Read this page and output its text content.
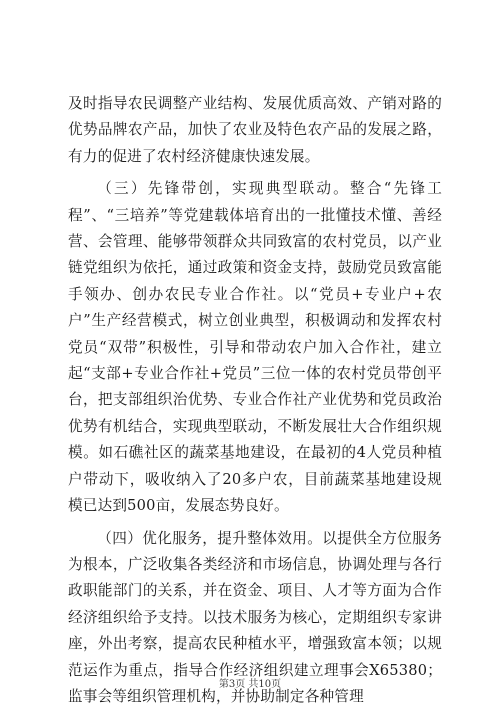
及时指导农民调整产业结构、发展优质高效、产销对路的优势品牌农产品，加快了农业及特色农产品的发展之路，有力的促进了农村经济健康快速发展。

（三）先锋带创，实现典型联动。整合“先锋工程”、“三培养”等党建载体培育出的一批懂技术懂、善经营、会管理、能够带领群众共同致富的农村党员，以产业链党组织为依托，通过政策和资金支持，鼓励党员致富能手领办、创办农民专业合作社。以“党员+专业户+农户”生产经营模式，树立创业典型，积极调动和发挥农村党员“双带”积极性，引导和带动农户加入合作社，建立起“支部+专业合作社+党员”三位一体的农村党员带创平台，把支部组织治优势、专业合作社产业优势和党员政治优势有机结合，实现典型联动，不断发展壮大合作组织规模。如石礁社区的蔬菜基地建设，在最初的4人党员种植户带动下，吸收纳入了20多户农，目前蔬菜基地建设规模已达到500亩，发展态势良好。

（四）优化服务，提升整体效用。以提供全方位服务为根本，广泛收集各类经济和市场信息，协调处理与各行政职能部门的关系，并在资金、项目、人才等方面为合作经济组织给予支持。以技术服务为核心，定期组织专家讲座，外出考察，提高农民种植水平，增强致富本领；以规范运作为重点，指导合作经济组织建立理事会X65380；监事会等组织管理机构，并协助制定各种管理

第3页 共10页
